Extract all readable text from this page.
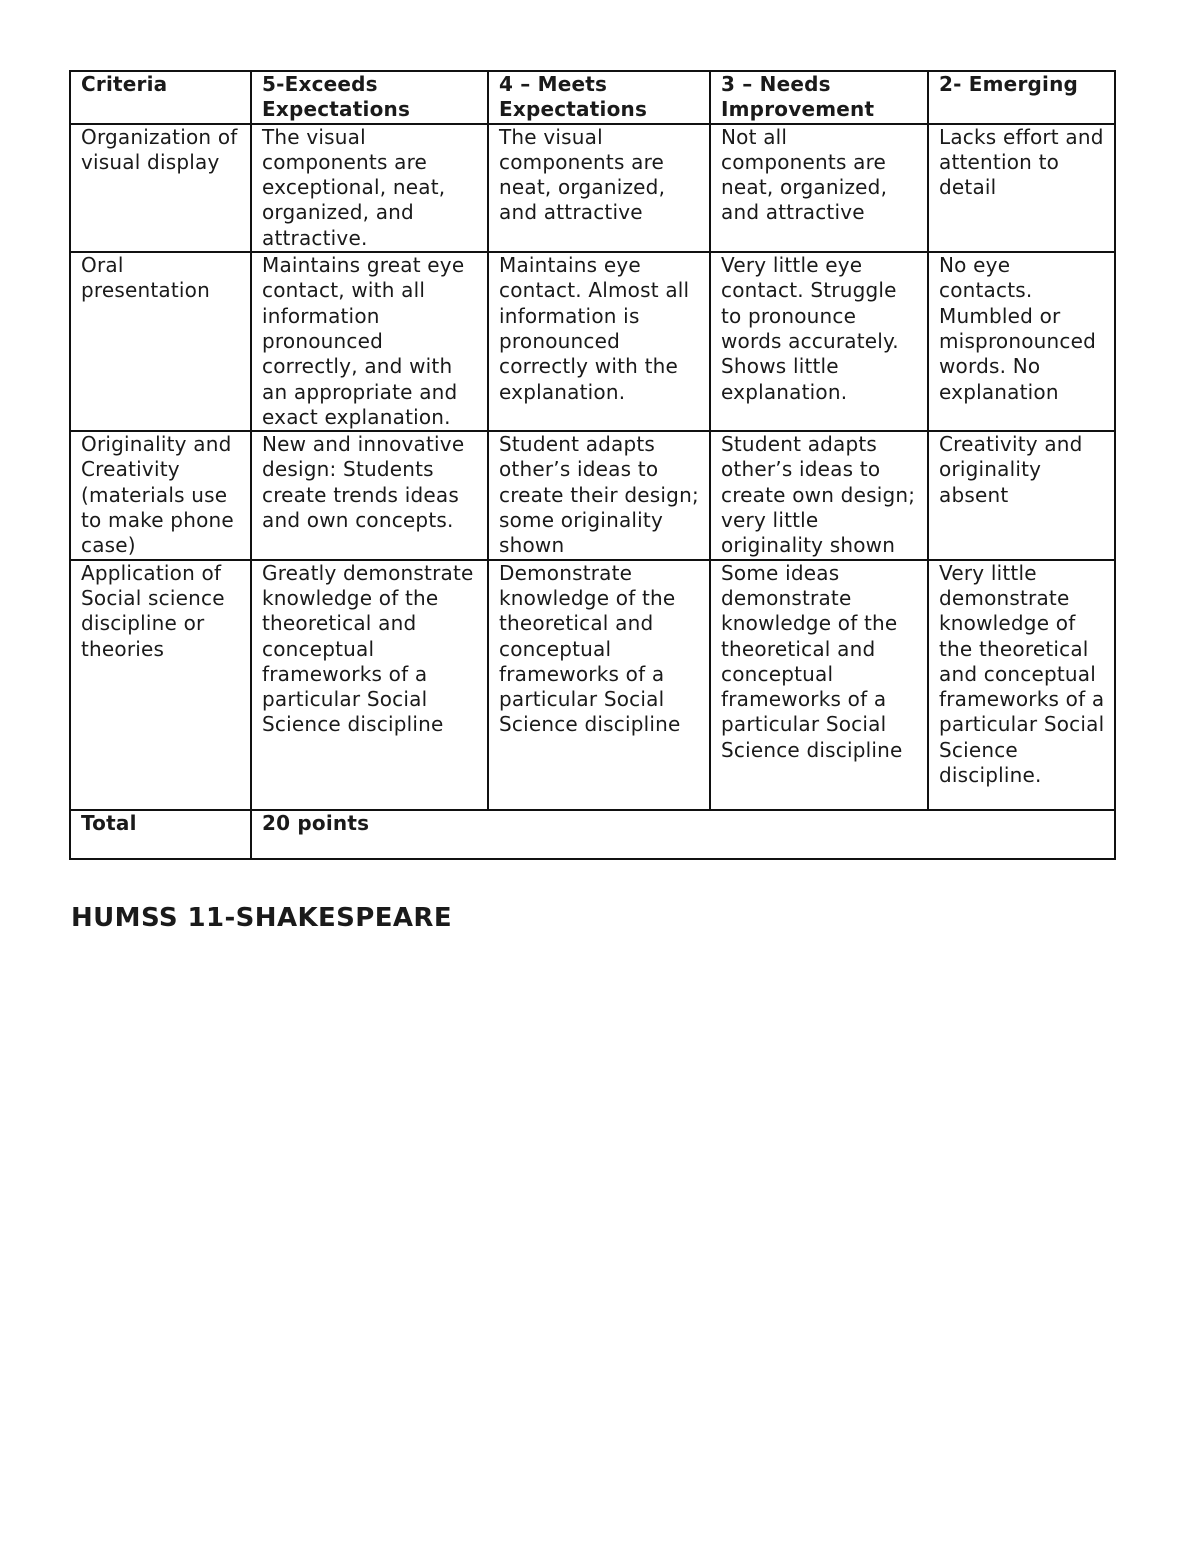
Criteria	5-Exceeds Expectations	4 – Meets Expectations	3 – Needs Improvement	2- Emerging
Organization of visual display	The visual components are exceptional, neat, organized, and attractive.	The visual components are neat, organized, and attractive	Not all components are neat, organized, and attractive	Lacks effort and attention to detail
Oral presentation	Maintains great eye contact, with all information pronounced correctly, and with an appropriate and exact explanation.	Maintains eye contact. Almost all information is pronounced correctly with the explanation.	Very little eye contact. Struggle to pronounce words accurately. Shows little explanation.	No eye contacts. Mumbled or mispronounced words. No explanation
Originality and Creativity (materials use to make phone case)	New and innovative design: Students create trends ideas and own concepts.	Student adapts other’s ideas to create their design; some originality shown	Student adapts other’s ideas to create own design; very little originality shown	Creativity and originality absent
Application of Social science discipline or theories	Greatly demonstrate knowledge of the theoretical and conceptual frameworks of a particular Social Science discipline	Demonstrate knowledge of the theoretical and conceptual frameworks of a particular Social Science discipline	Some ideas demonstrate knowledge of the theoretical and conceptual frameworks of a particular Social Science discipline	Very little demonstrate knowledge of the theoretical and conceptual frameworks of a particular Social Science discipline.
Total	20 points			
HUMSS 11-SHAKESPEARE
